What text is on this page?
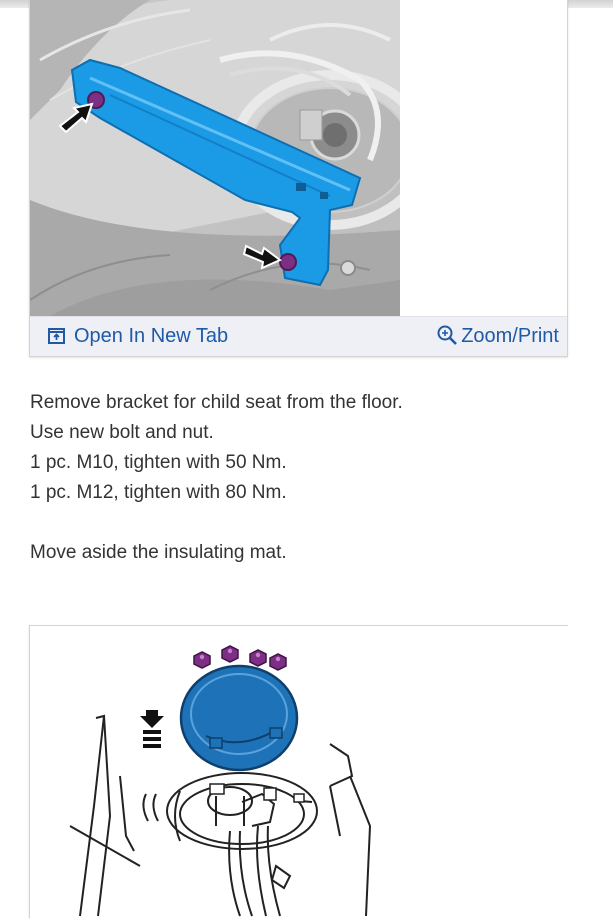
Open In New Tab	Zoom/Print

Remove bracket for child seat from the floor.

Use new bolt and nut.

1 pc. M10, tighten with 50 Nm.

1 pc. M12, tighten with 80 Nm.

Move aside the insulating mat.
